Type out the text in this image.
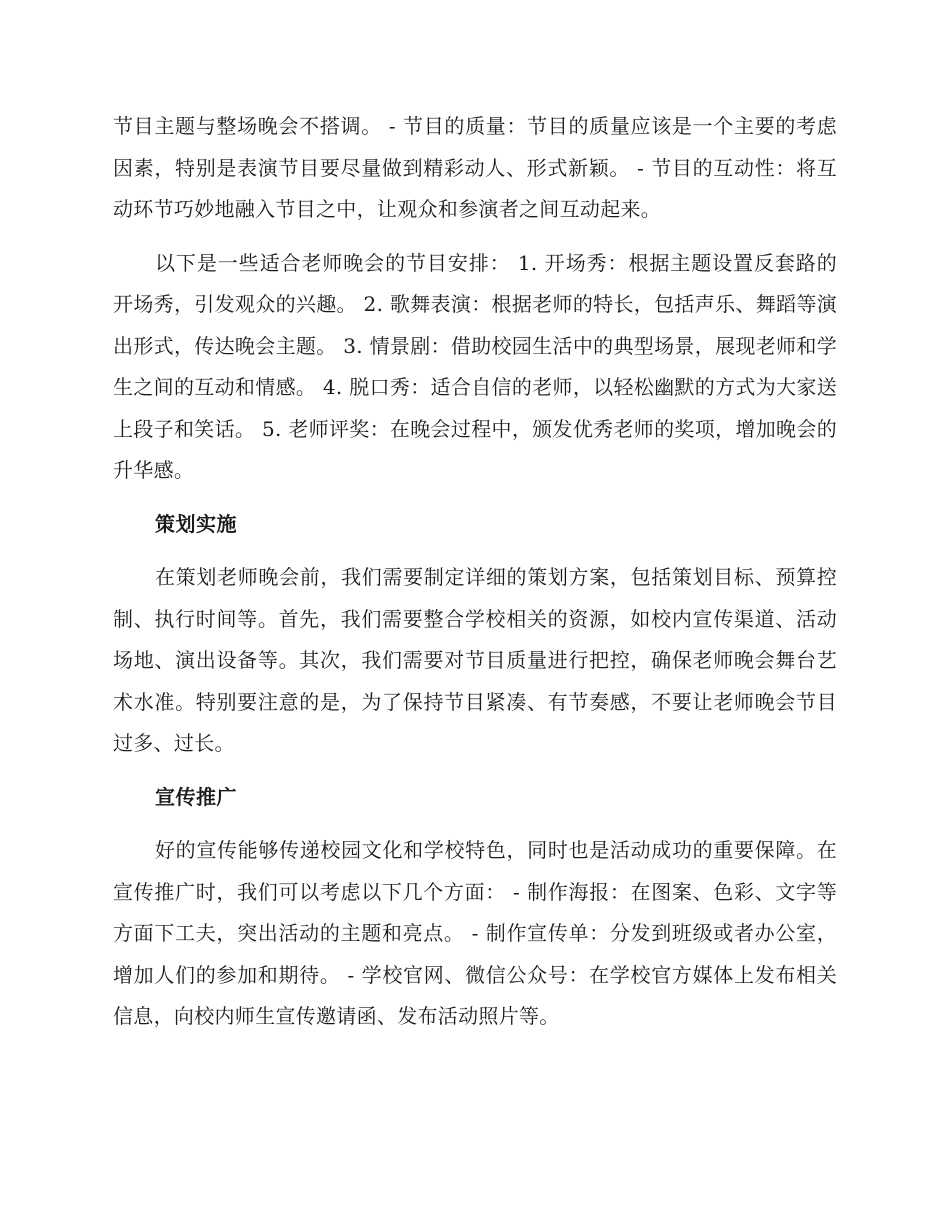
节目主题与整场晚会不搭调。 - 节目的质量：节目的质量应该是一个主要的考虑因素，特别是表演节目要尽量做到精彩动人、形式新颖。 - 节目的互动性：将互动环节巧妙地融入节目之中，让观众和参演者之间互动起来。

以下是一些适合老师晚会的节目安排： 1. 开场秀：根据主题设置反套路的开场秀，引发观众的兴趣。 2. 歌舞表演：根据老师的特长，包括声乐、舞蹈等演出形式，传达晚会主题。 3. 情景剧：借助校园生活中的典型场景，展现老师和学生之间的互动和情感。 4. 脱口秀：适合自信的老师，以轻松幽默的方式为大家送上段子和笑话。 5. 老师评奖：在晚会过程中，颁发优秀老师的奖项，增加晚会的升华感。

策划实施

在策划老师晚会前，我们需要制定详细的策划方案，包括策划目标、预算控制、执行时间等。首先，我们需要整合学校相关的资源，如校内宣传渠道、活动场地、演出设备等。其次，我们需要对节目质量进行把控，确保老师晚会舞台艺术水准。特别要注意的是，为了保持节目紧凑、有节奏感，不要让老师晚会节目过多、过长。

宣传推广

好的宣传能够传递校园文化和学校特色，同时也是活动成功的重要保障。在宣传推广时，我们可以考虑以下几个方面： - 制作海报：在图案、色彩、文字等方面下工夫，突出活动的主题和亮点。 - 制作宣传单：分发到班级或者办公室，增加人们的参加和期待。 - 学校官网、微信公众号：在学校官方媒体上发布相关信息，向校内师生宣传邀请函、发布活动照片等。
